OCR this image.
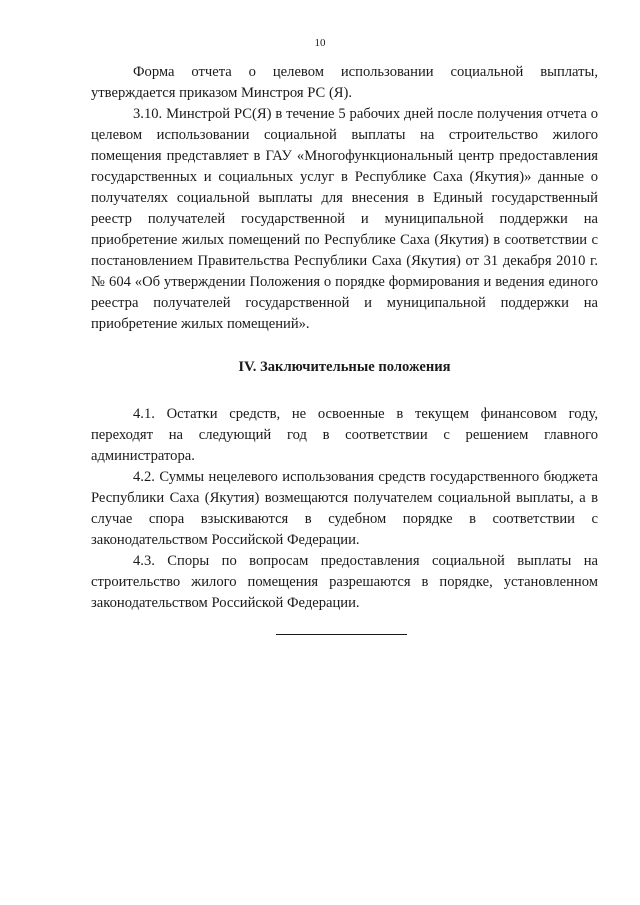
10

Форма отчета о целевом использовании социальной выплаты, утверждается приказом Минстроя РС (Я).

3.10. Минстрой РС(Я) в течение 5 рабочих дней после получения отчета о целевом использовании социальной выплаты на строительство жилого помещения представляет в ГАУ «Многофункциональный центр предоставления государственных и социальных услуг в Республике Саха (Якутия)» данные о получателях социальной выплаты для внесения в Единый государственный реестр получателей государственной и муниципальной поддержки на приобретение жилых помещений по Республике Саха (Якутия) в соответствии с постановлением Правительства Республики Саха (Якутия) от 31 декабря 2010 г. № 604 «Об утверждении Положения о порядке формирования и ведения единого реестра получателей государственной и муниципальной поддержки на приобретение жилых помещений».

IV. Заключительные положения

4.1. Остатки средств, не освоенные в текущем финансовом году, переходят на следующий год в соответствии с решением главного администратора.

4.2. Суммы нецелевого использования средств государственного бюджета Республики Саха (Якутия) возмещаются получателем социальной выплаты, а в случае спора взыскиваются в судебном порядке в соответствии с законодательством Российской Федерации.

4.3. Споры по вопросам предоставления социальной выплаты на строительство жилого помещения разрешаются в порядке, установленном законодательством Российской Федерации.
